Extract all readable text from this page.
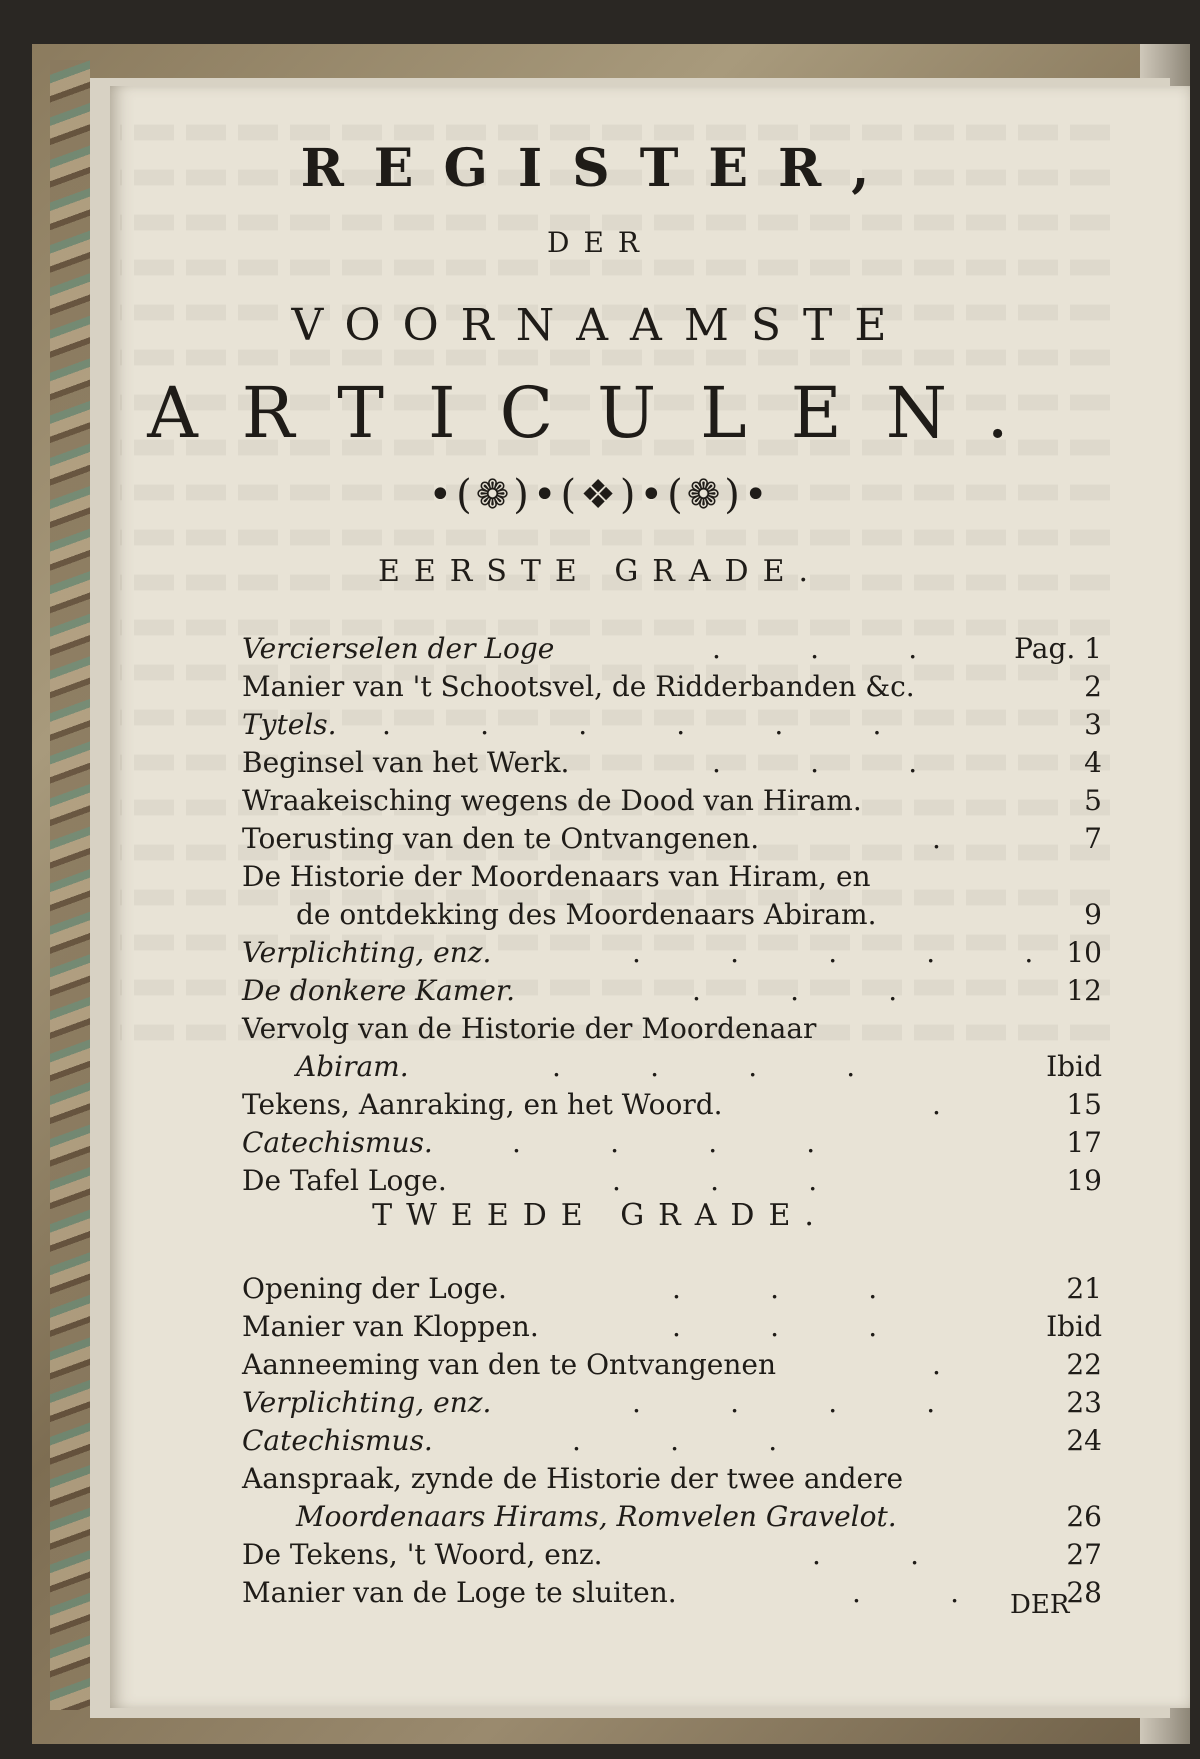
REGISTER,
DER
VOORNAAMSTE
ARTICULEN.
•(❁)•(❖)•(❁)•
EERSTE GRADE.
Vercierselen der Loge	.        .        .	Pag. 1
Manier van 't Schootsvel, de Ridderbanden &c.	2
Tytels. .        .        .        .        .        .	3
Beginsel van het Werk.	.        .        .	4
Wraakeisching wegens de Dood van Hiram.	5
Toerusting van den te Ontvangenen.	.	7
De Historie der Moordenaars van Hiram, en
de ontdekking des Moordenaars Abiram.	9
Verplichting, enz.	.        .        .        .        .	10
De donkere Kamer.	.        .        .	12
Vervolg van de Historie der Moordenaar
Abiram.	.        .        .        .	Ibid
Tekens, Aanraking, en het Woord.	.	15
Catechismus.	.        .        .        .	17
De Tafel Loge.	.        .        .	19
TWEEDE GRADE.
Opening der Loge.	.        .        .	21
Manier van Kloppen.	.        .        .	Ibid
Aanneeming van den te Ontvangenen	.	22
Verplichting, enz.	.        .        .        .	23
Catechismus.	.        .        .	24
Aanspraak, zynde de Historie der twee andere
Moordenaars Hirams, Romvelen Gravelot.	26
De Tekens, 't Woord, enz.	.        .	27
Manier van de Loge te sluiten.	.        .	28
DER
